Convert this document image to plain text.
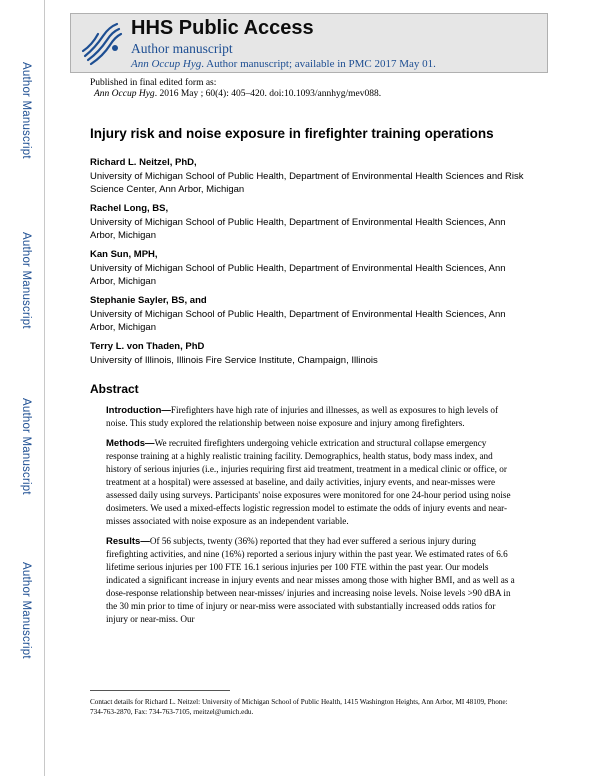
Author Manuscript
Author Manuscript
Author Manuscript
Author Manuscript
HHS Public Access
Author manuscript
Ann Occup Hyg. Author manuscript; available in PMC 2017 May 01.
Published in final edited form as:
Ann Occup Hyg. 2016 May ; 60(4): 405–420. doi:10.1093/annhyg/mev088.
Injury risk and noise exposure in firefighter training operations
Richard L. Neitzel, PhD,
University of Michigan School of Public Health, Department of Environmental Health Sciences and Risk Science Center, Ann Arbor, Michigan
Rachel Long, BS,
University of Michigan School of Public Health, Department of Environmental Health Sciences, Ann Arbor, Michigan
Kan Sun, MPH,
University of Michigan School of Public Health, Department of Environmental Health Sciences, Ann Arbor, Michigan
Stephanie Sayler, BS, and
University of Michigan School of Public Health, Department of Environmental Health Sciences, Ann Arbor, Michigan
Terry L. von Thaden, PhD
University of Illinois, Illinois Fire Service Institute, Champaign, Illinois
Abstract
Introduction—Firefighters have high rate of injuries and illnesses, as well as exposures to high levels of noise. This study explored the relationship between noise exposure and injury among firefighters.
Methods—We recruited firefighters undergoing vehicle extrication and structural collapse emergency response training at a highly realistic training facility. Demographics, health status, body mass index, and history of serious injuries (i.e., injuries requiring first aid treatment, treatment in a medical clinic or office, or treatment at a hospital) were assessed at baseline, and daily activities, injury events, and near-misses were assessed daily using surveys. Participants' noise exposures were monitored for one 24-hour period using noise dosimeters. We used a mixed-effects logistic regression model to estimate the odds of injury events and near-misses associated with noise exposure as an independent variable.
Results—Of 56 subjects, twenty (36%) reported that they had ever suffered a serious injury during firefighting activities, and nine (16%) reported a serious injury within the past year. We estimated rates of 6.6 lifetime serious injuries per 100 FTE 16.1 serious injuries per 100 FTE within the past year. Our models indicated a significant increase in injury events and near misses among those with higher BMI, and as well as a dose-response relationship between near-misses/ injuries and increasing noise levels. Noise levels >90 dBA in the 30 min prior to time of injury or near-miss were associated with substantially increased odds ratios for injury or near-miss. Our
Contact details for Richard L. Neitzel: University of Michigan School of Public Health, 1415 Washington Heights, Ann Arbor, MI 48109, Phone: 734-763-2870, Fax: 734-763-7105, rneitzel@umich.edu.
